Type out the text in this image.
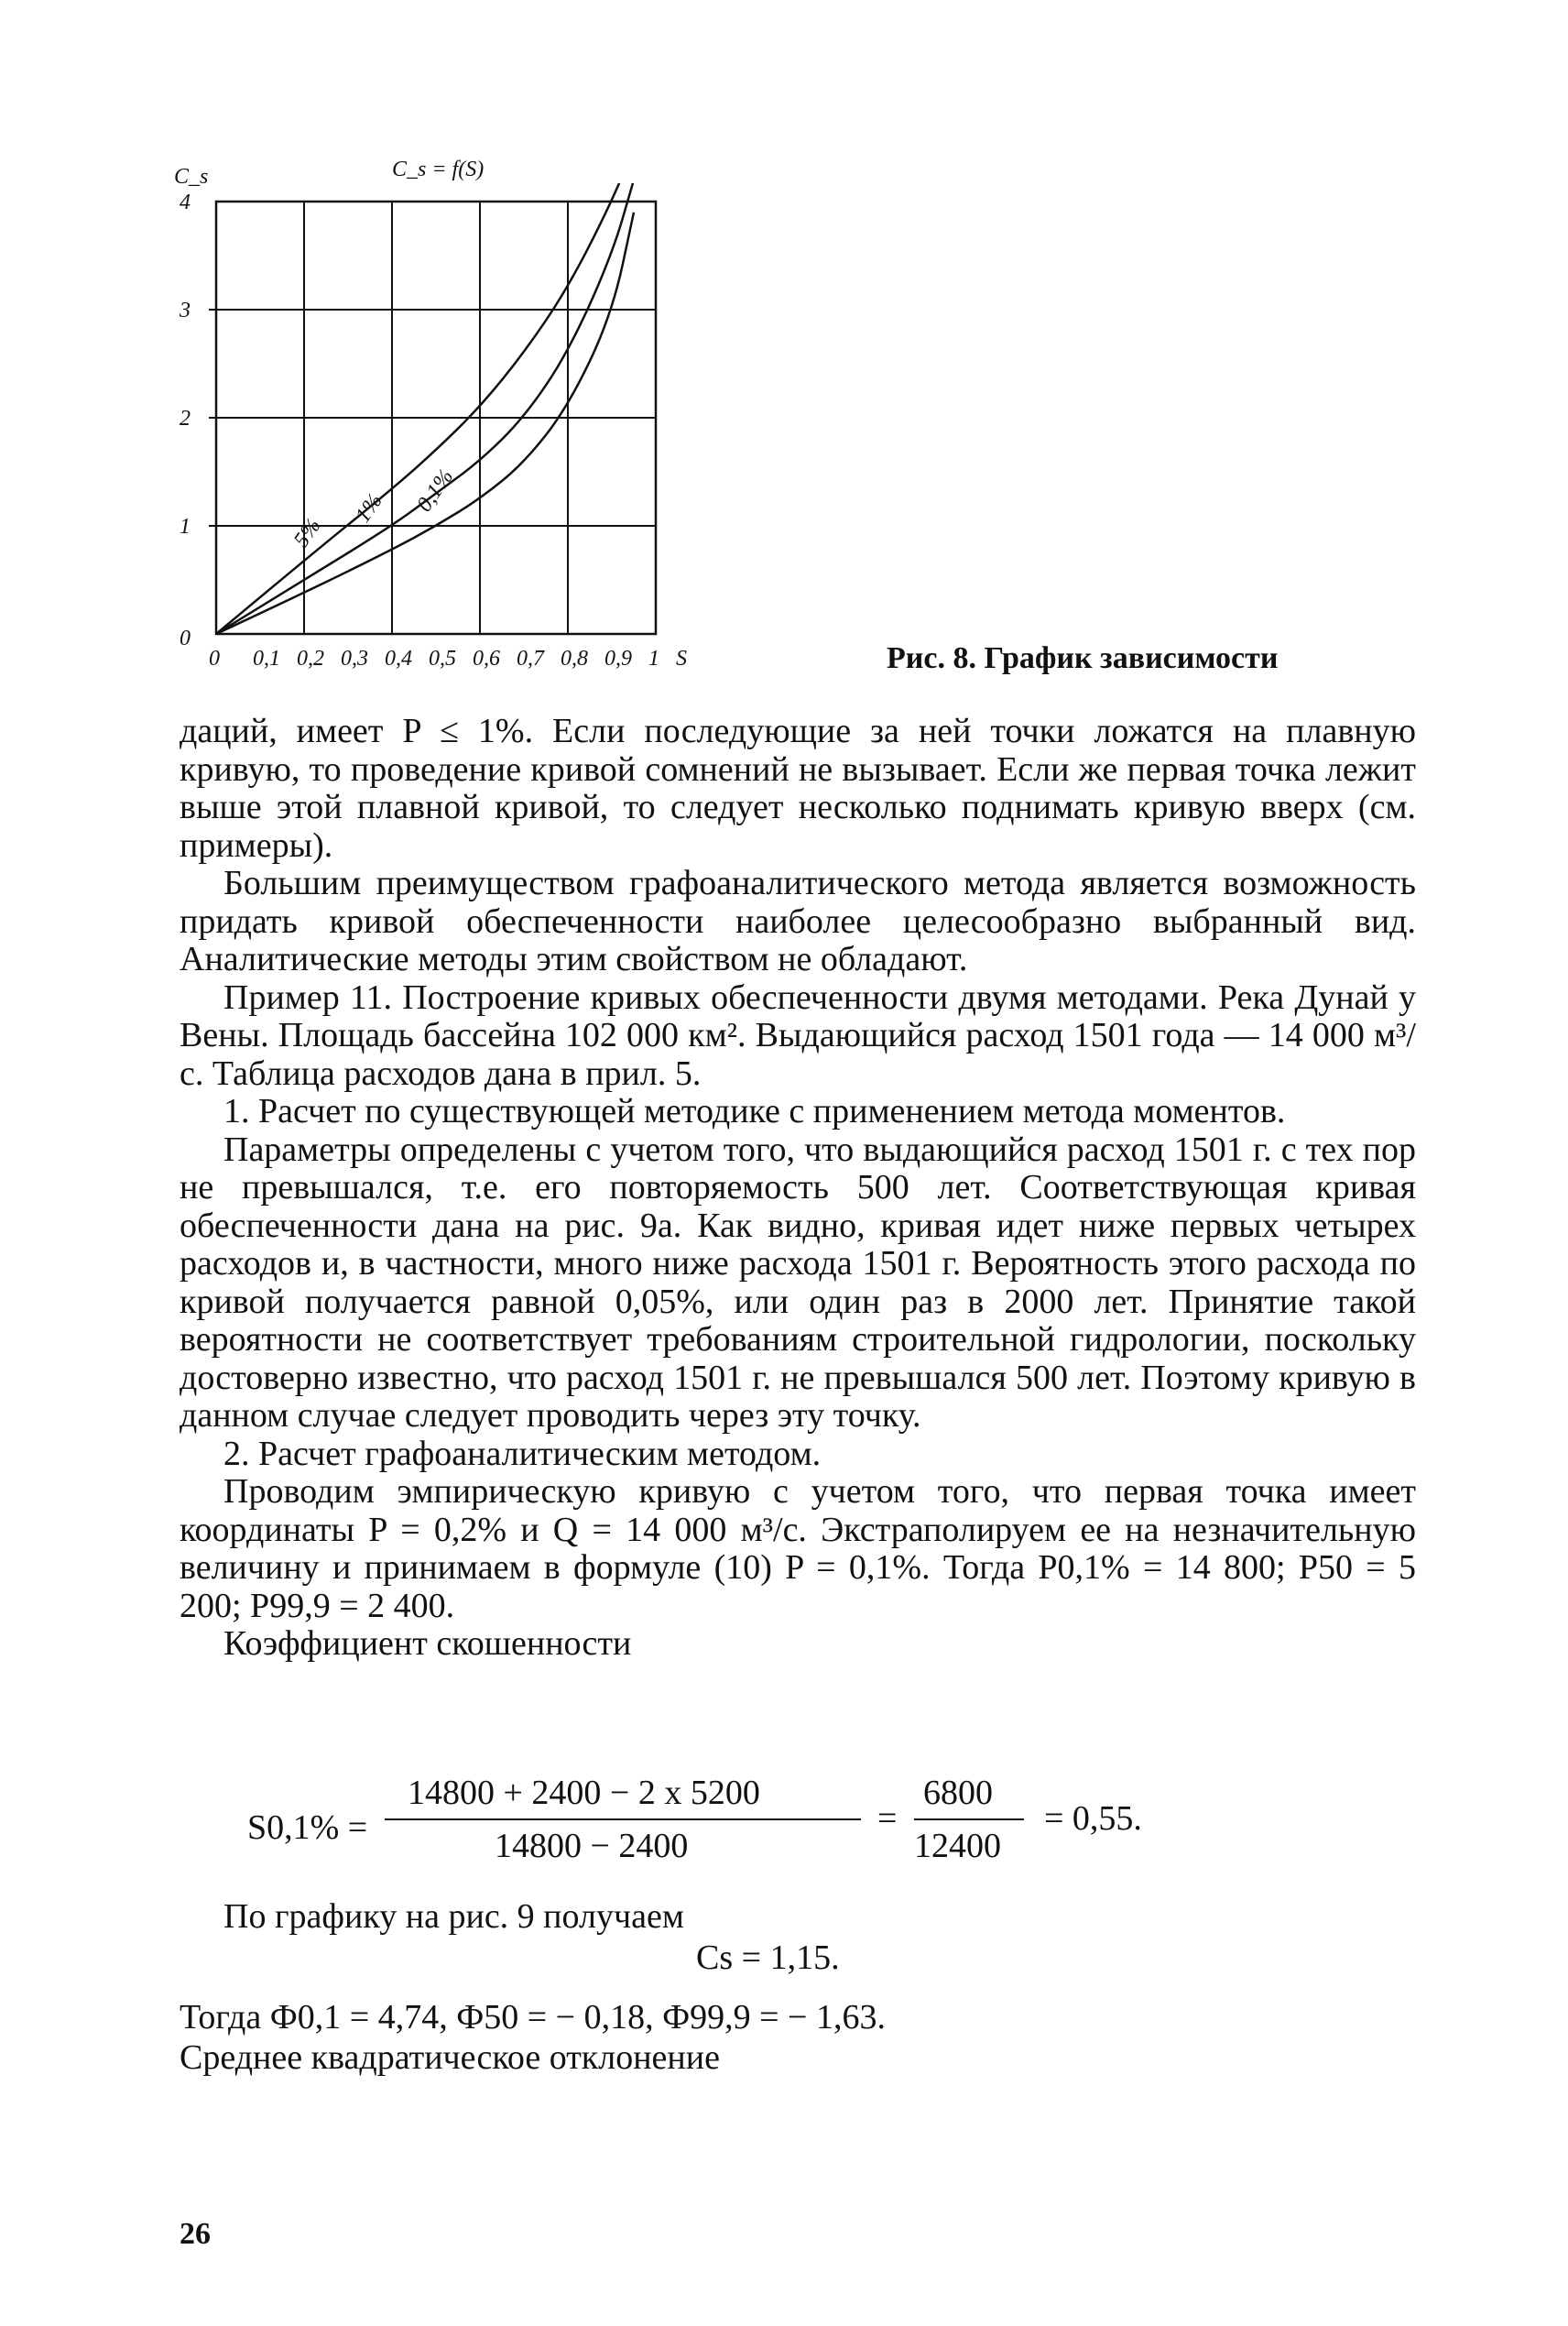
0 0,1 0,2 0,3 0,4 0,5 0,6 0,7 0,8 0,9 1 S
0
1
2
3
4
C_s	C_s = f(S)
5%
1% 0,1%
Рис. 8. График зависимости

даций, имеет P ≤ 1%. Если последующие за ней точки ложатся на плавную кривую, то проведение кривой сомнений не вызывает. Если же первая точка лежит выше этой плавной кривой, то следует несколько поднимать кривую вверх (см. примеры).

Большим преимуществом графоаналитического метода является возможность придать кривой обеспеченности наиболее целесообразно выбранный вид. Аналитические методы этим свойством не обладают.

Пример 11. Построение кривых обеспеченности двумя методами. Река Дунай у Вены. Площадь бассейна 102 000 км². Выдающийся расход 1501 года — 14 000 м³/с. Таблица расходов дана в прил. 5.

1. Расчет по существующей методике с применением метода моментов.

Параметры определены с учетом того, что выдающийся расход 1501 г. с тех пор не превышался, т.е. его повторяемость 500 лет. Соответствующая кривая обеспеченности дана на рис. 9а. Как видно, кривая идет ниже первых четырех расходов и, в частности, много ниже расхода 1501 г. Вероятность этого расхода по кривой получается равной 0,05%, или один раз в 2000 лет. Принятие такой вероятности не соответствует требованиям строительной гидрологии, поскольку достоверно известно, что расход 1501 г. не превышался 500 лет. Поэтому кривую в данном случае следует проводить через эту точку.

2. Расчет графоаналитическим методом.

Проводим эмпирическую кривую с учетом того, что первая точка имеет координаты P = 0,2% и Q = 14 000 м³/с. Экстраполируем ее на незначительную величину и принимаем в формуле (10) P = 0,1%. Тогда P0,1% = 14 800; P50 = 5 200; P99,9 = 2 400.

Коэффициент скошенности

S0,1% =
14800 + 2400 − 2 x 5200
14800 − 2400
=
6800
12400
= 0,55.

По графику на рис. 9 получаем

Cs = 1,15.
Тогда Ф0,1 = 4,74, Ф50 = − 0,18, Ф99,9 = − 1,63.
Среднее квадратическое отклонение
26
